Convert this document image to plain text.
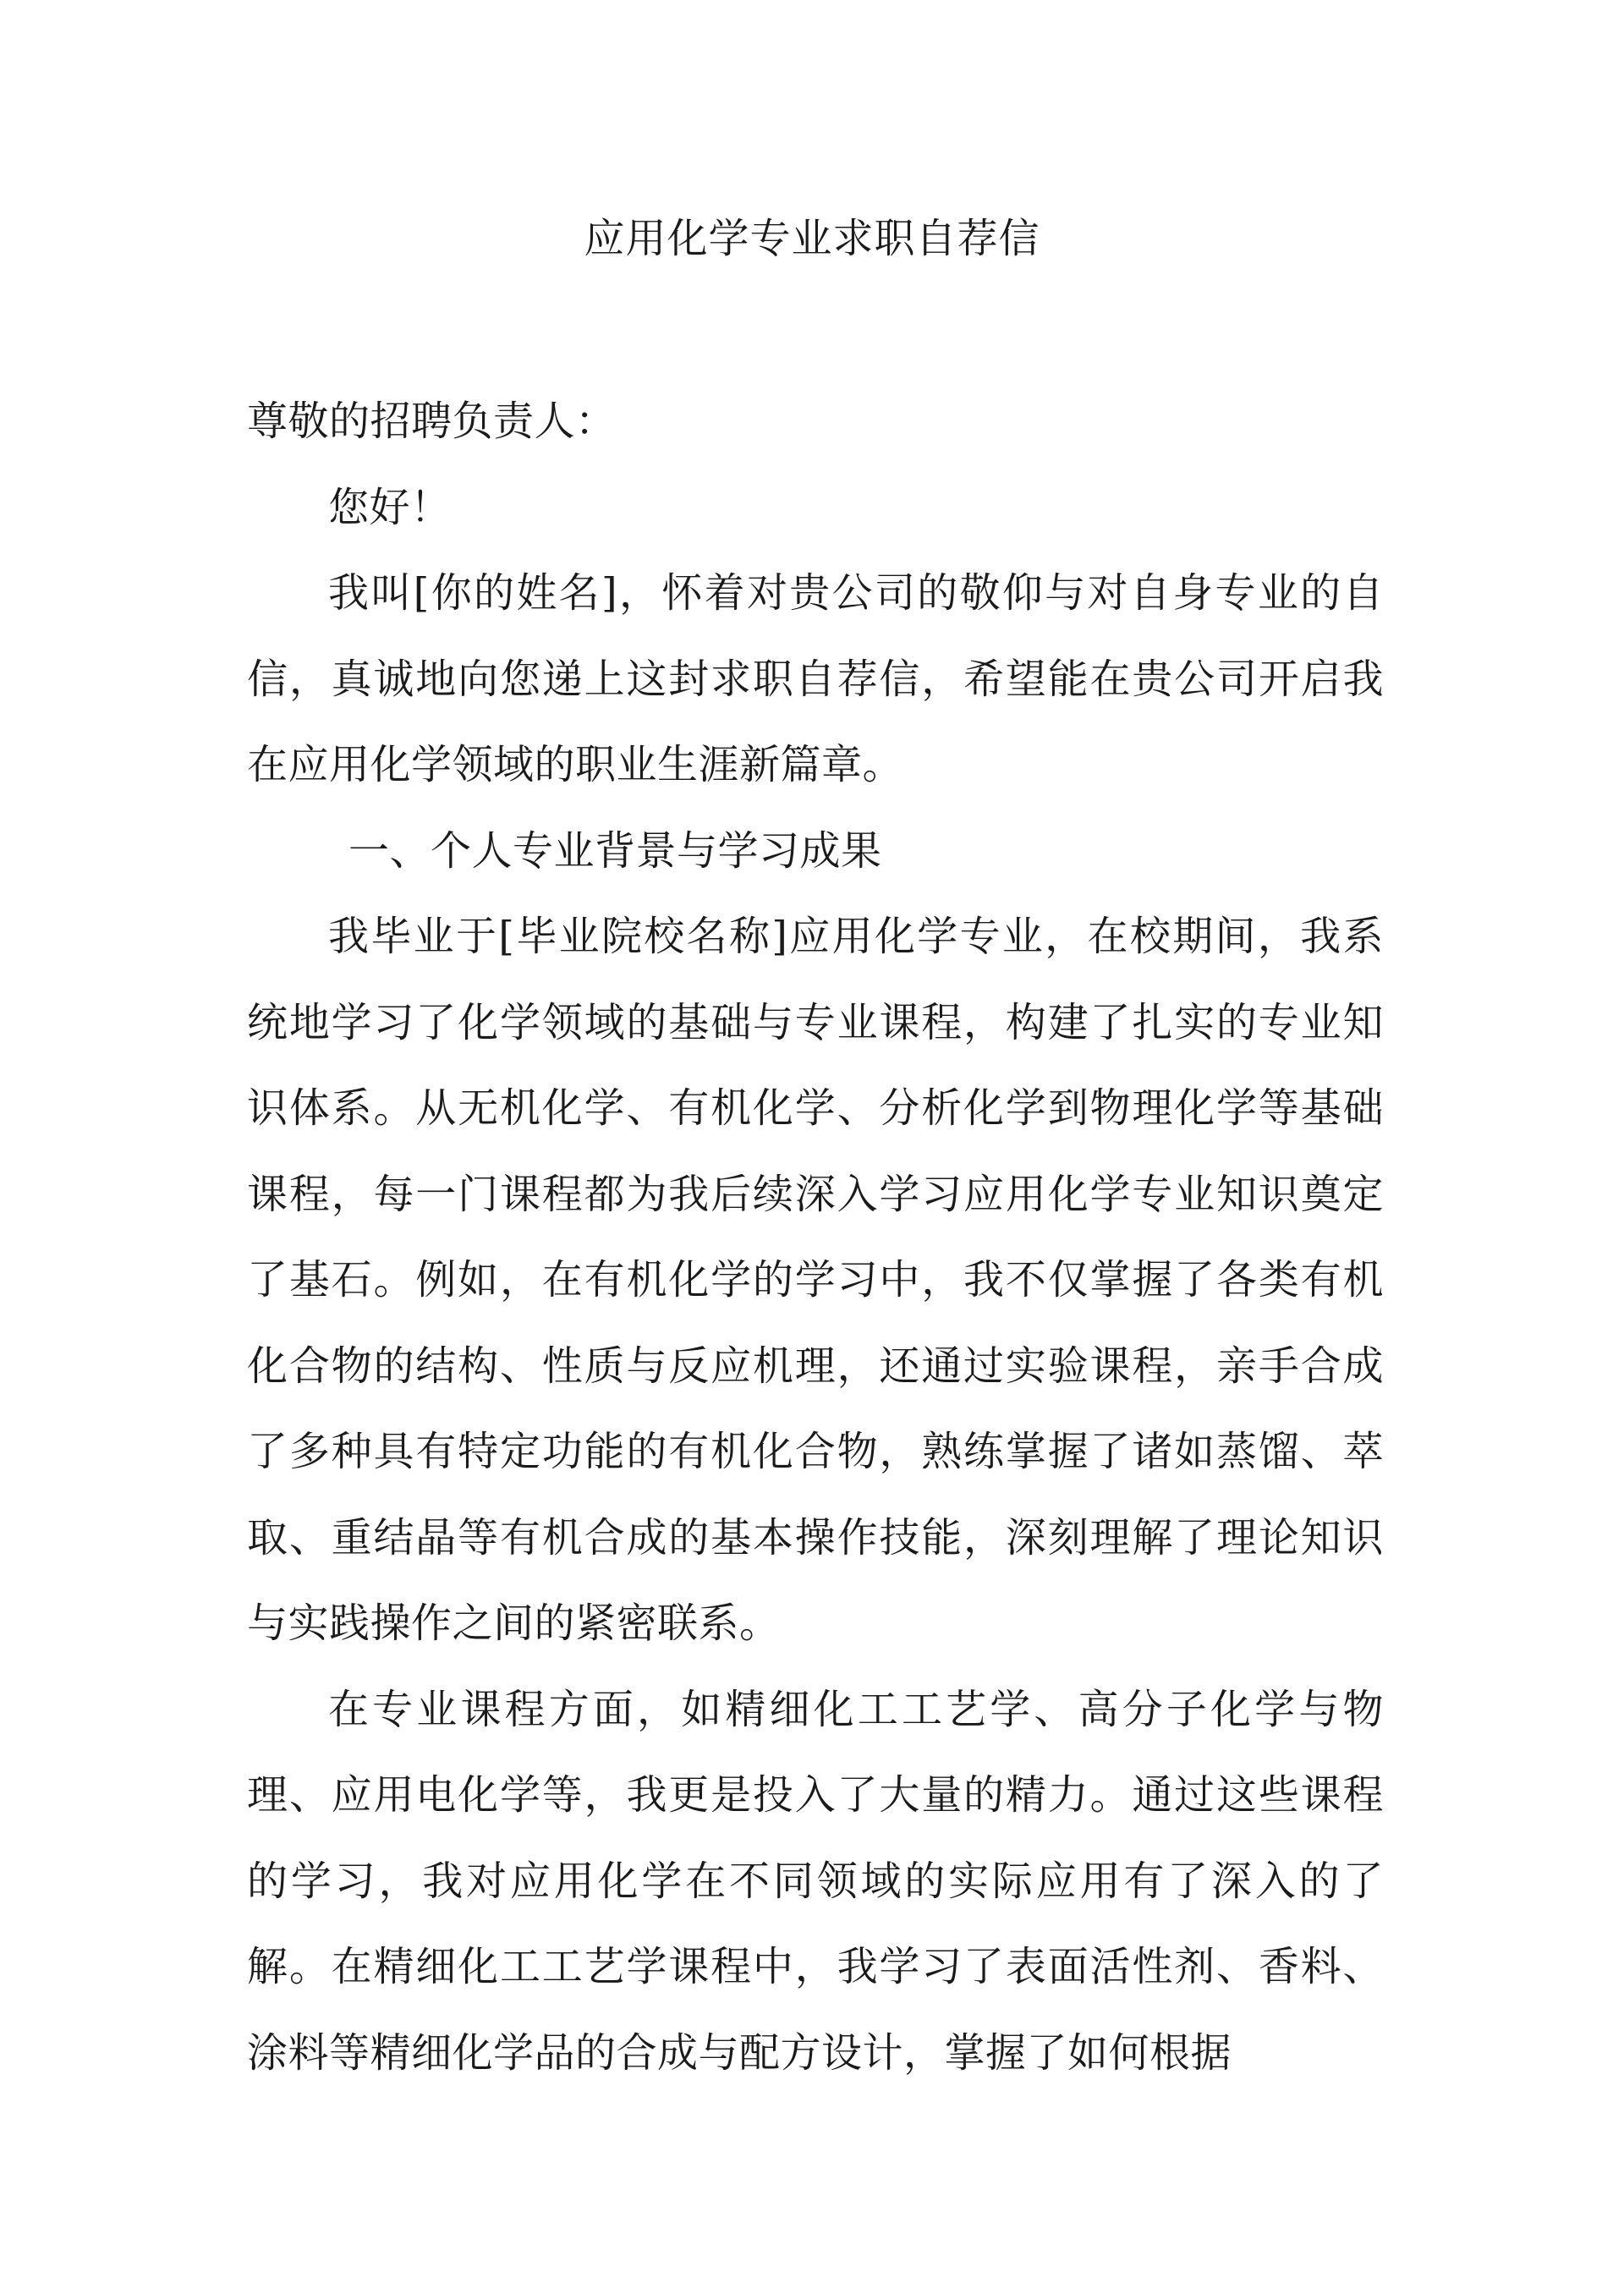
应用化学专业求职自荐信

尊敬的招聘负责人：

您好！

我叫[你的姓名]，怀着对贵公司的敬仰与对自身专业的自信，真诚地向您递上这封求职自荐信，希望能在贵公司开启我在应用化学领域的职业生涯新篇章。

一、个人专业背景与学习成果

我毕业于[毕业院校名称]应用化学专业，在校期间，我系统地学习了化学领域的基础与专业课程，构建了扎实的专业知识体系。从无机化学、有机化学、分析化学到物理化学等基础课程，每一门课程都为我后续深入学习应用化学专业知识奠定了基石。例如，在有机化学的学习中，我不仅掌握了各类有机化合物的结构、性质与反应机理，还通过实验课程，亲手合成了多种具有特定功能的有机化合物，熟练掌握了诸如蒸馏、萃取、重结晶等有机合成的基本操作技能，深刻理解了理论知识与实践操作之间的紧密联系。

在专业课程方面，如精细化工工艺学、高分子化学与物理、应用电化学等，我更是投入了大量的精力。通过这些课程的学习，我对应用化学在不同领域的实际应用有了深入的了解。在精细化工工艺学课程中，我学习了表面活性剂、香料、涂料等精细化学品的合成与配方设计，掌握了如何根据
